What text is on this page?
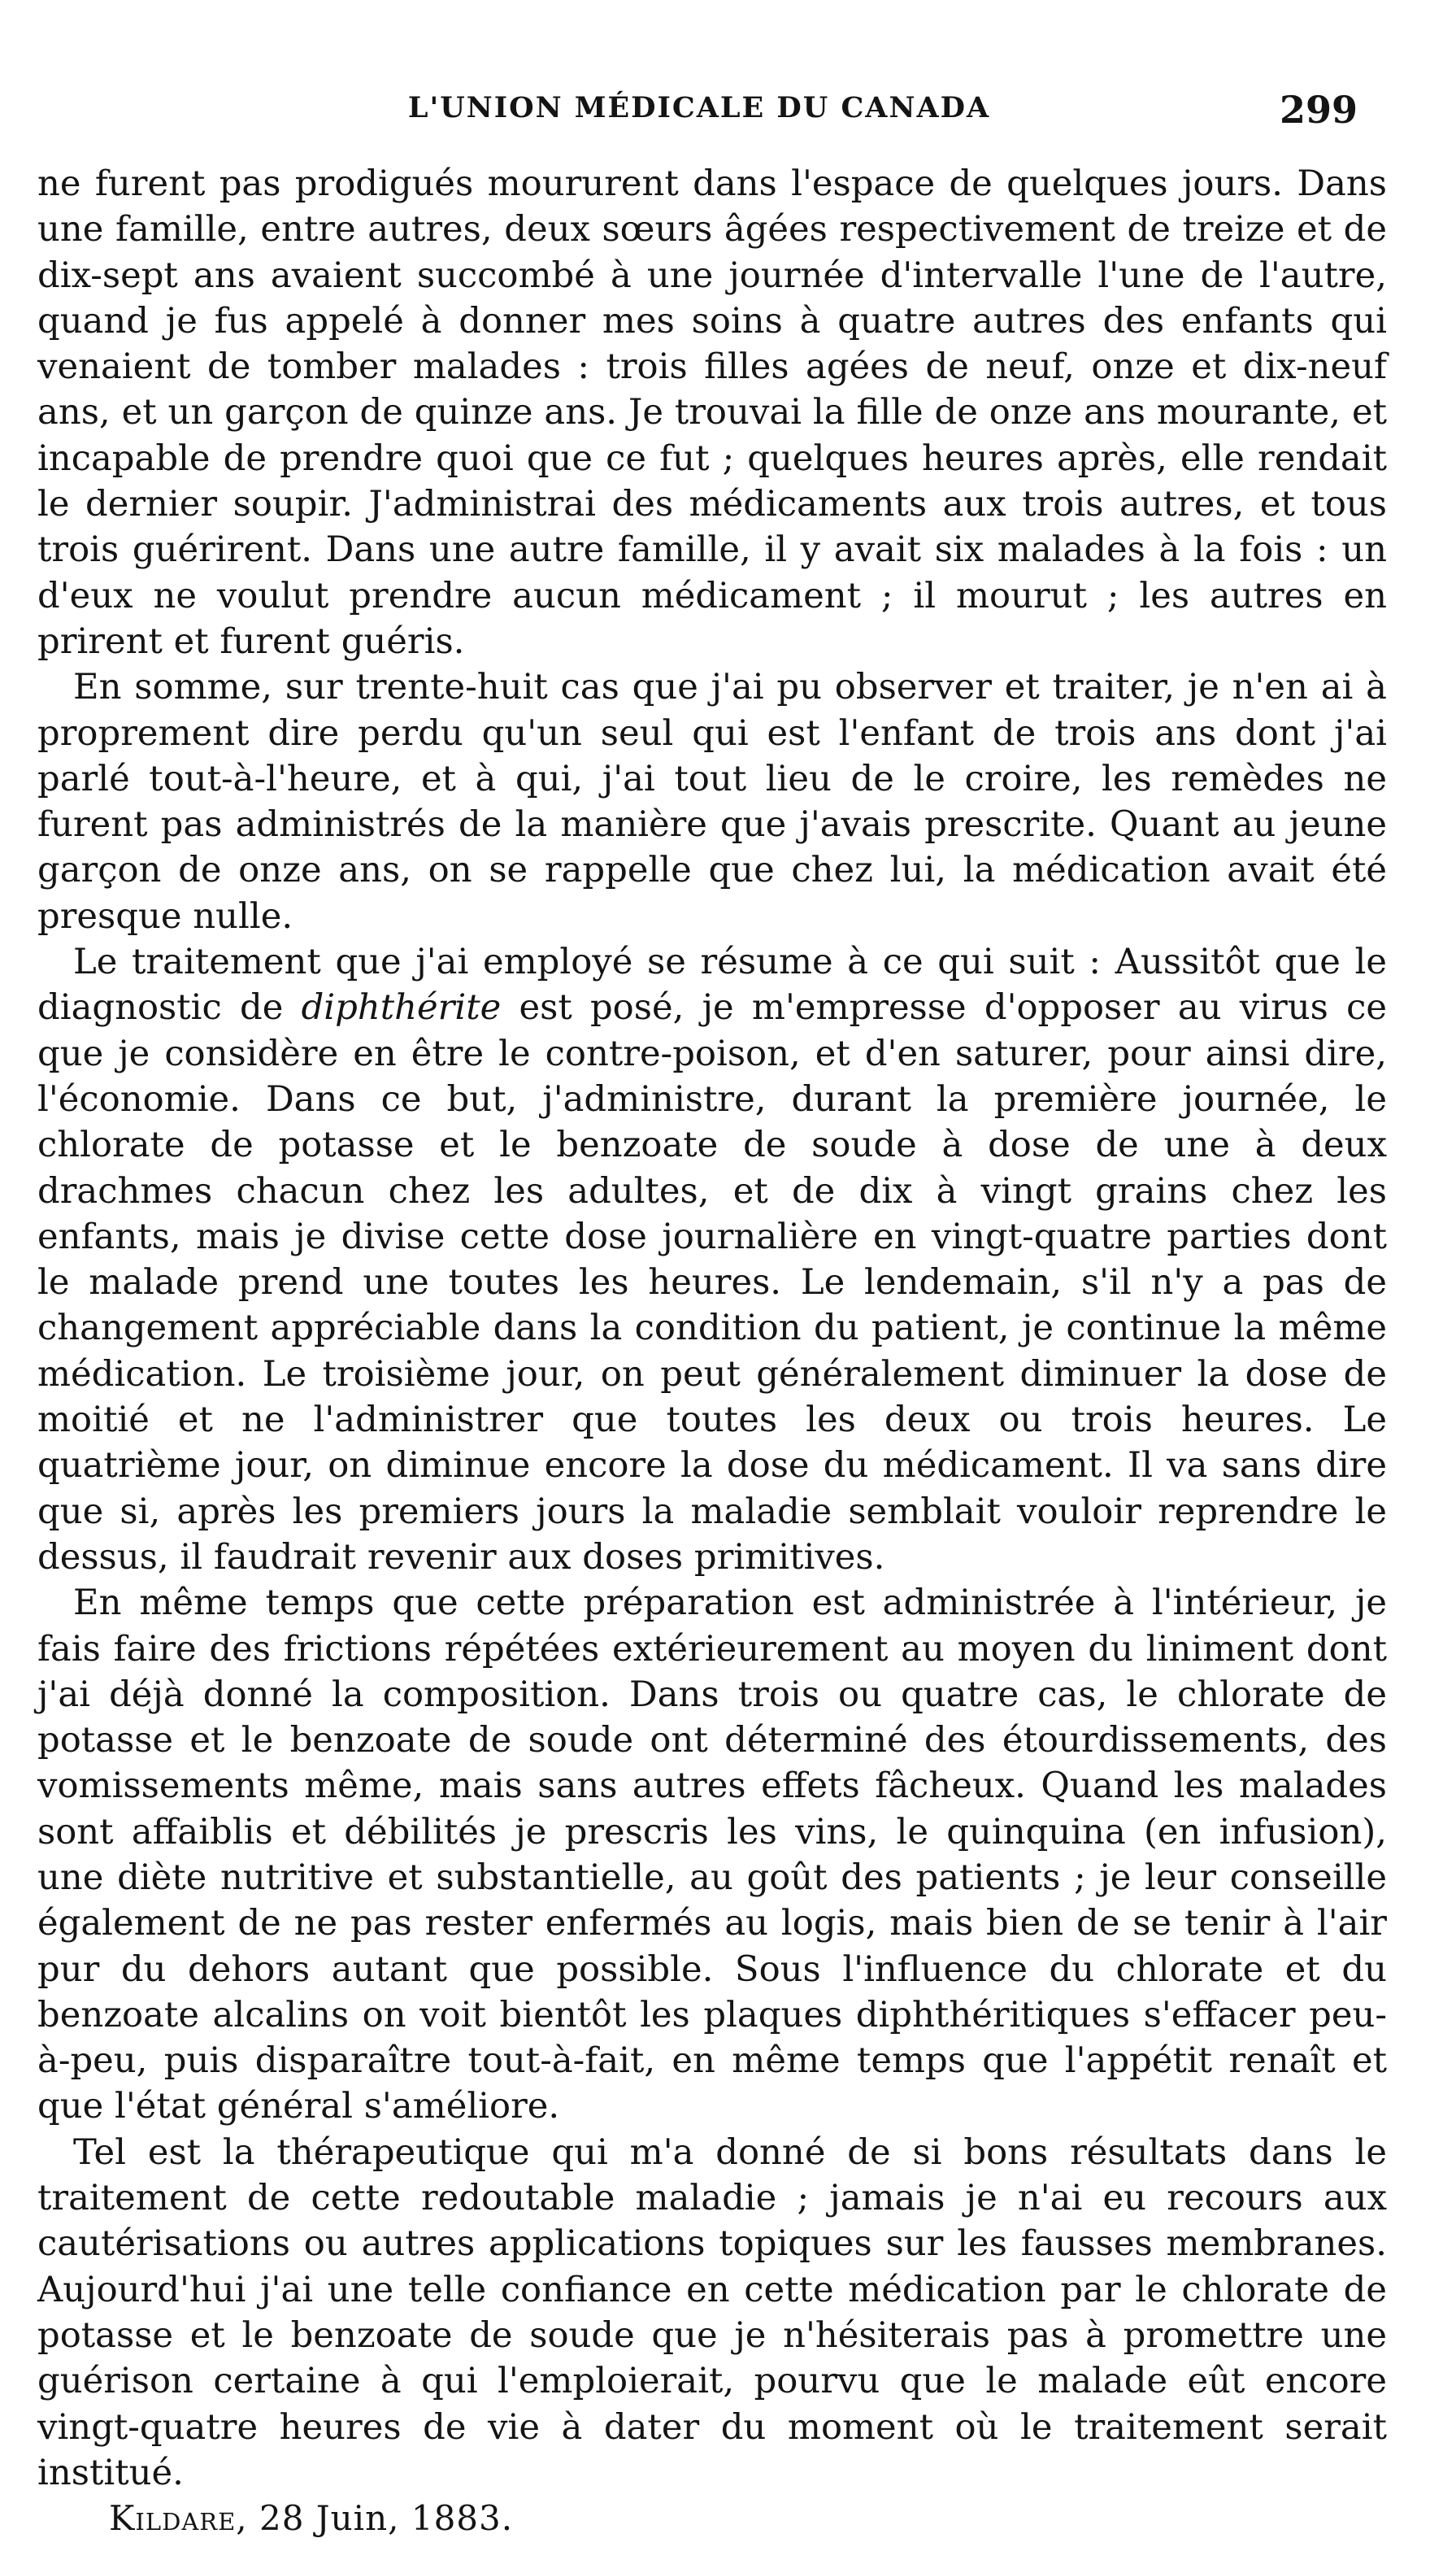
L'UNION MÉDICALE DU CANADA	299

ne furent pas prodigués moururent dans l'espace de quelques jours. Dans une famille, entre autres, deux sœurs âgées respectivement de treize et de dix-sept ans avaient succombé à une journée d'intervalle l'une de l'autre, quand je fus appelé à donner mes soins à quatre autres des enfants qui venaient de tomber malades : trois filles agées de neuf, onze et dix-neuf ans, et un garçon de quinze ans. Je trouvai la fille de onze ans mourante, et incapable de prendre quoi que ce fut ; quelques heures après, elle rendait le dernier soupir. J'administrai des médicaments aux trois autres, et tous trois guérirent. Dans une autre famille, il y avait six malades à la fois : un d'eux ne voulut prendre aucun médicament ; il mourut ; les autres en prirent et furent guéris.

En somme, sur trente-huit cas que j'ai pu observer et traiter, je n'en ai à proprement dire perdu qu'un seul qui est l'enfant de trois ans dont j'ai parlé tout-à-l'heure, et à qui, j'ai tout lieu de le croire, les remèdes ne furent pas administrés de la manière que j'avais prescrite. Quant au jeune garçon de onze ans, on se rappelle que chez lui, la médication avait été presque nulle.

Le traitement que j'ai employé se résume à ce qui suit : Aussitôt que le diagnostic de diphthérite est posé, je m'empresse d'opposer au virus ce que je considère en être le contre-poison, et d'en saturer, pour ainsi dire, l'économie. Dans ce but, j'administre, durant la première journée, le chlorate de potasse et le benzoate de soude à dose de une à deux drachmes chacun chez les adultes, et de dix à vingt grains chez les enfants, mais je divise cette dose journalière en vingt-quatre parties dont le malade prend une toutes les heures. Le lendemain, s'il n'y a pas de changement appréciable dans la condition du patient, je continue la même médication. Le troisième jour, on peut généralement diminuer la dose de moitié et ne l'administrer que toutes les deux ou trois heures. Le quatrième jour, on diminue encore la dose du médicament. Il va sans dire que si, après les premiers jours la maladie semblait vouloir reprendre le dessus, il faudrait revenir aux doses primitives.

En même temps que cette préparation est administrée à l'intérieur, je fais faire des frictions répétées extérieurement au moyen du liniment dont j'ai déjà donné la composition. Dans trois ou quatre cas, le chlorate de potasse et le benzoate de soude ont déterminé des étourdissements, des vomissements même, mais sans autres effets fâcheux. Quand les malades sont affaiblis et débilités je prescris les vins, le quinquina (en infusion), une diète nutritive et substantielle, au goût des patients ; je leur conseille également de ne pas rester enfermés au logis, mais bien de se tenir à l'air pur du dehors autant que possible. Sous l'influence du chlorate et du benzoate alcalins on voit bientôt les plaques diphthéritiques s'effacer peu-à-peu, puis disparaître tout-à-fait, en même temps que l'appétit renaît et que l'état général s'améliore.

Tel est la thérapeutique qui m'a donné de si bons résultats dans le traitement de cette redoutable maladie ; jamais je n'ai eu recours aux cautérisations ou autres applications topiques sur les fausses membranes. Aujourd'hui j'ai une telle confiance en cette médication par le chlorate de potasse et le benzoate de soude que je n'hésiterais pas à promettre une guérison certaine à qui l'emploierait, pourvu que le malade eût encore vingt-quatre heures de vie à dater du moment où le traitement serait institué.

Kildare, 28 Juin, 1883.
